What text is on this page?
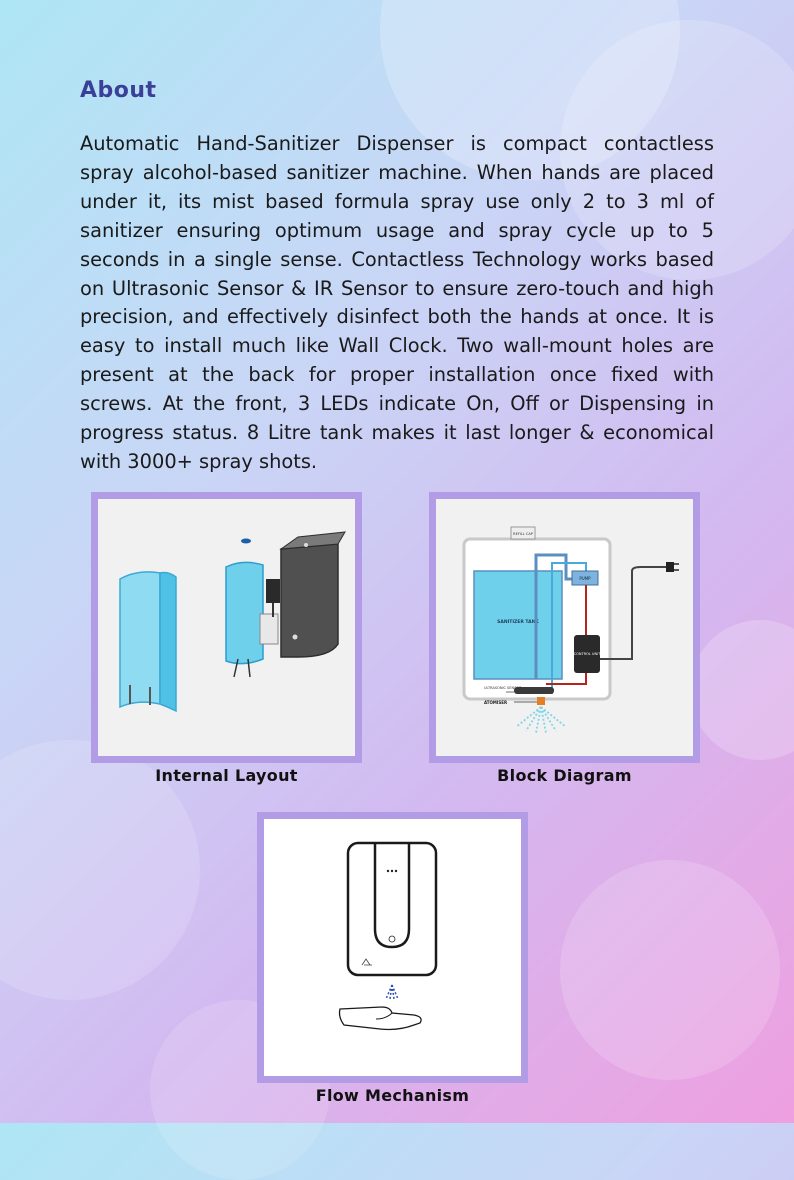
About

Automatic Hand-Sanitizer Dispenser is compact contactless spray alcohol-based sanitizer machine. When hands are placed under it, its mist based formula spray use only 2 to 3 ml of sanitizer ensuring optimum usage and spray cycle up to 5 seconds in a single sense. Contactless Technology works based on Ultrasonic Sensor & IR Sensor to ensure zero-touch and high precision, and effectively disinfect both the hands at once. It is easy to install much like Wall Clock. Two wall-mount holes are present at the back for proper installation once fixed with screws. At the front, 3 LEDs indicate On, Off or Dispensing in progress status. 8 Litre tank makes it last longer & economical with 3000+ spray shots.

Internal Layout
REFILL CAP
SANITIZER TANK
PUMP
CONTROL UNIT
ULTRASONIC SENSOR
ATOMISER
Block Diagram
Flow Mechanism
